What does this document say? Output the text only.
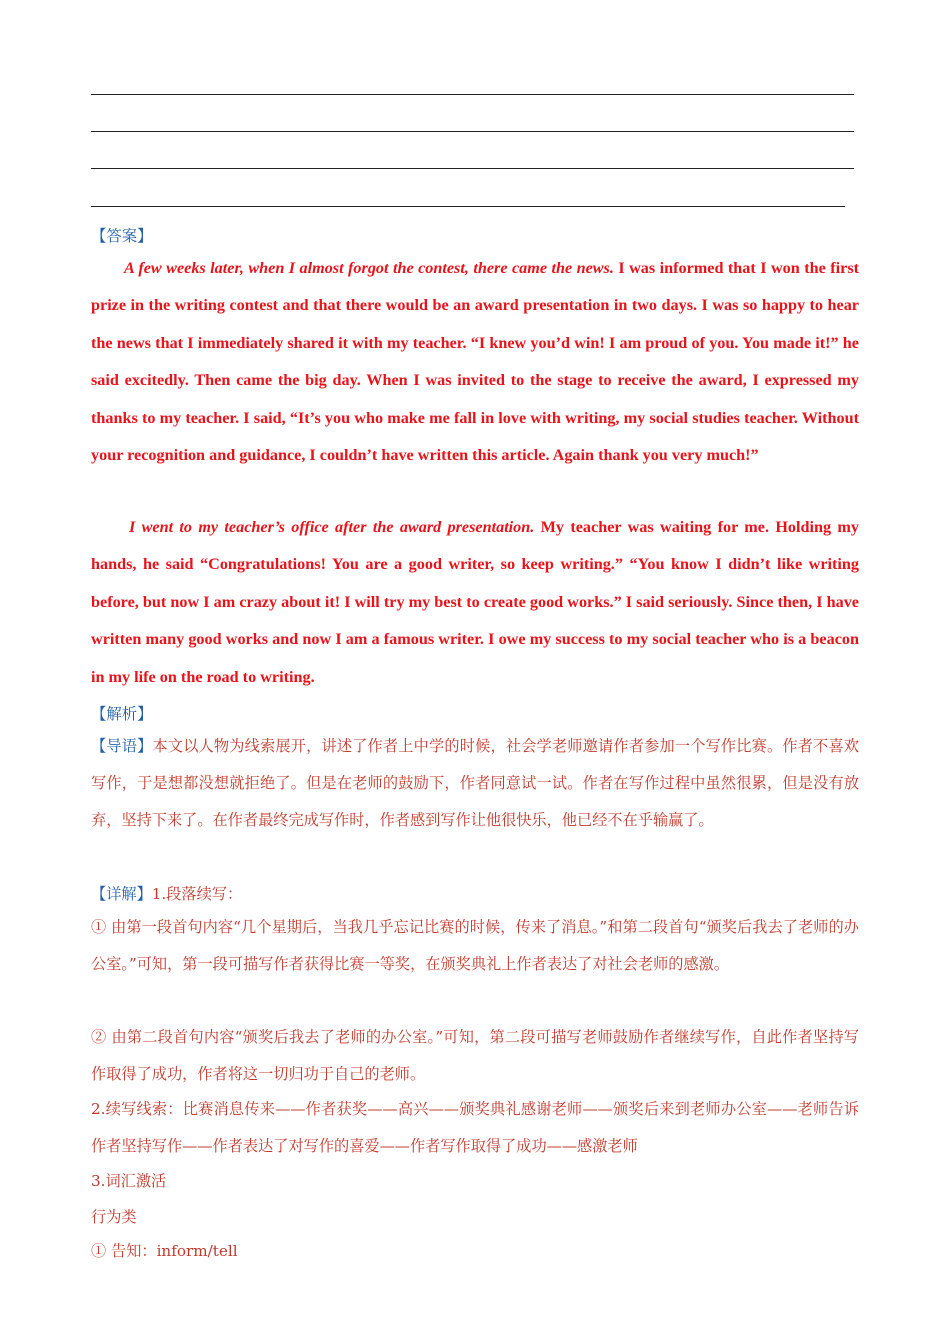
【答案】

A few weeks later, when I almost forgot the contest, there came the news. I was informed that I won the first prize in the writing contest and that there would be an award presentation in two days. I was so happy to hear the news that I immediately shared it with my teacher. “I knew you’d win! I am proud of you. You made it!” he said excitedly. Then came the big day. When I was invited to the stage to receive the award, I expressed my thanks to my teacher. I said, “It’s you who make me fall in love with writing, my social studies teacher. Without your recognition and guidance, I couldn’t have written this article. Again thank you very much!”

I went to my teacher’s office after the award presentation. My teacher was waiting for me. Holding my hands, he said “Congratulations! You are a good writer, so keep writing.” “You know I didn’t like writing before, but now I am crazy about it! I will try my best to create good works.” I said seriously. Since then, I have written many good works and now I am a famous writer. I owe my success to my social teacher who is a beacon in my life on the road to writing.

【解析】

【导语】本文以人物为线索展开，讲述了作者上中学的时候，社会学老师邀请作者参加一个写作比赛。作者不喜欢写作，于是想都没想就拒绝了。但是在老师的鼓励下，作者同意试一试。作者在写作过程中虽然很累，但是没有放弃，坚持下来了。在作者最终完成写作时，作者感到写作让他很快乐，他已经不在乎输赢了。

【详解】1.段落续写：

① 由第一段首句内容“几个星期后，当我几乎忘记比赛的时候，传来了消息。”和第二段首句“颁奖后我去了老师的办公室。”可知，第一段可描写作者获得比赛一等奖，在颁奖典礼上作者表达了对社会老师的感激。

② 由第二段首句内容“颁奖后我去了老师的办公室。”可知，第二段可描写老师鼓励作者继续写作，自此作者坚持写作取得了成功，作者将这一切归功于自己的老师。

2.续写线索：比赛消息传来——作者获奖——高兴——颁奖典礼感谢老师——颁奖后来到老师办公室——老师告诉作者坚持写作——作者表达了对写作的喜爱——作者写作取得了成功——感激老师

3.词汇激活
行为类
① 告知：inform/tell
